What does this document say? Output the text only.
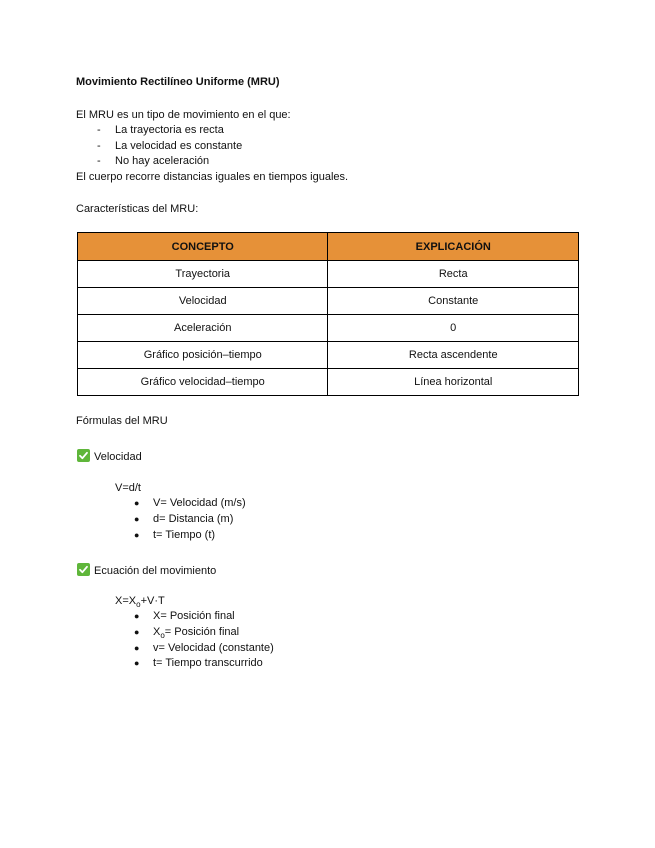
Movimiento Rectilíneo Uniforme (MRU)
El MRU es un tipo de movimiento en el que:
- La trayectoria es recta
- La velocidad es constante
- No hay aceleración
El cuerpo recorre distancias iguales en tiempos iguales.
Características del MRU:
CONCEPTO	EXPLICACIÓN
Trayectoria	Recta
Velocidad	Constante
Aceleración	0
Gráfico posición–tiempo	Recta ascendente
Gráfico velocidad–tiempo	Línea horizontal
Fórmulas del MRU
Velocidad
V=d/t
● V= Velocidad (m/s)
● d= Distancia (m)
● t= Tiempo (t)
Ecuación del movimiento
$X=X_o+V\cdot T$
● X= Posición final
● $X_o=$ Posición final
● v= Velocidad (constante)
● t= Tiempo transcurrido
